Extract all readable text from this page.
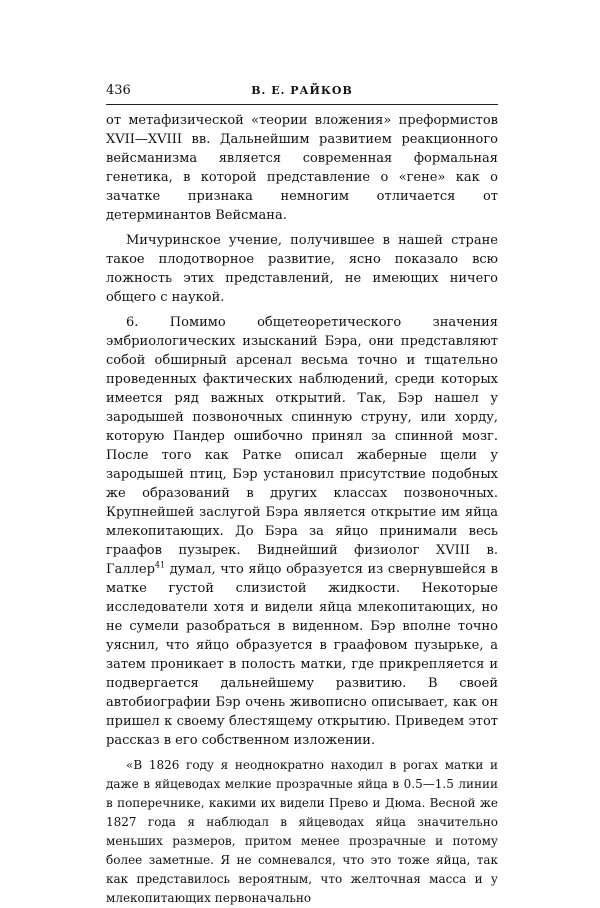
436	В. Е. РАЙКОВ

от метафизической «теории вложения» преформистов XVII—XVIII вв. Дальнейшим развитием реакционного вейсманизма является современная формальная генетика, в которой представление о «гене» как о зачатке признака немногим отличается от детерминантов Вейсмана.

Мичуринское учение, получившее в нашей стране такое плодотворное развитие, ясно показало всю ложность этих представлений, не имеющих ничего общего с наукой.

6. Помимо общетеоретического значения эмбриологических изысканий Бэра, они представляют собой обширный арсенал весьма точно и тщательно проведенных фактических наблюдений, среди которых имеется ряд важных открытий. Так, Бэр нашел у зародышей позвоночных спинную струну, или хорду, которую Пандер ошибочно принял за спинной мозг. После того как Ратке описал жаберные щели у зародышей птиц, Бэр установил присутствие подобных же образований в других классах позвоночных. Крупнейшей заслугой Бэра является открытие им яйца млекопитающих. До Бэра за яйцо принимали весь граафов пузырек. Виднейший физиолог XVIII в. Галлер$^{41}$ думал, что яйцо образуется из свернувшейся в матке густой слизистой жидкости. Некоторые исследователи хотя и видели яйца млекопитающих, но не сумели разобраться в виденном. Бэр вполне точно уяснил, что яйцо образуется в граафовом пузырьке, а затем проникает в полость матки, где прикрепляется и подвергается дальнейшему развитию. В своей автобиографии Бэр очень живописно описывает, как он пришел к своему блестящему открытию. Приведем этот рассказ в его собственном изложении.

«В 1826 году я неоднократно находил в рогах матки и даже в яйцеводах мелкие прозрачные яйца в 0.5—1.5 линии в поперечнике, какими их видели Прево и Дюма. Весной же 1827 года я наблюдал в яйцеводах яйца значительно меньших размеров, притом менее прозрачные и потому более заметные. Я не сомневался, что это тоже яйца, так как представилось вероятным, что желточная масса и у млекопитающих первоначально
